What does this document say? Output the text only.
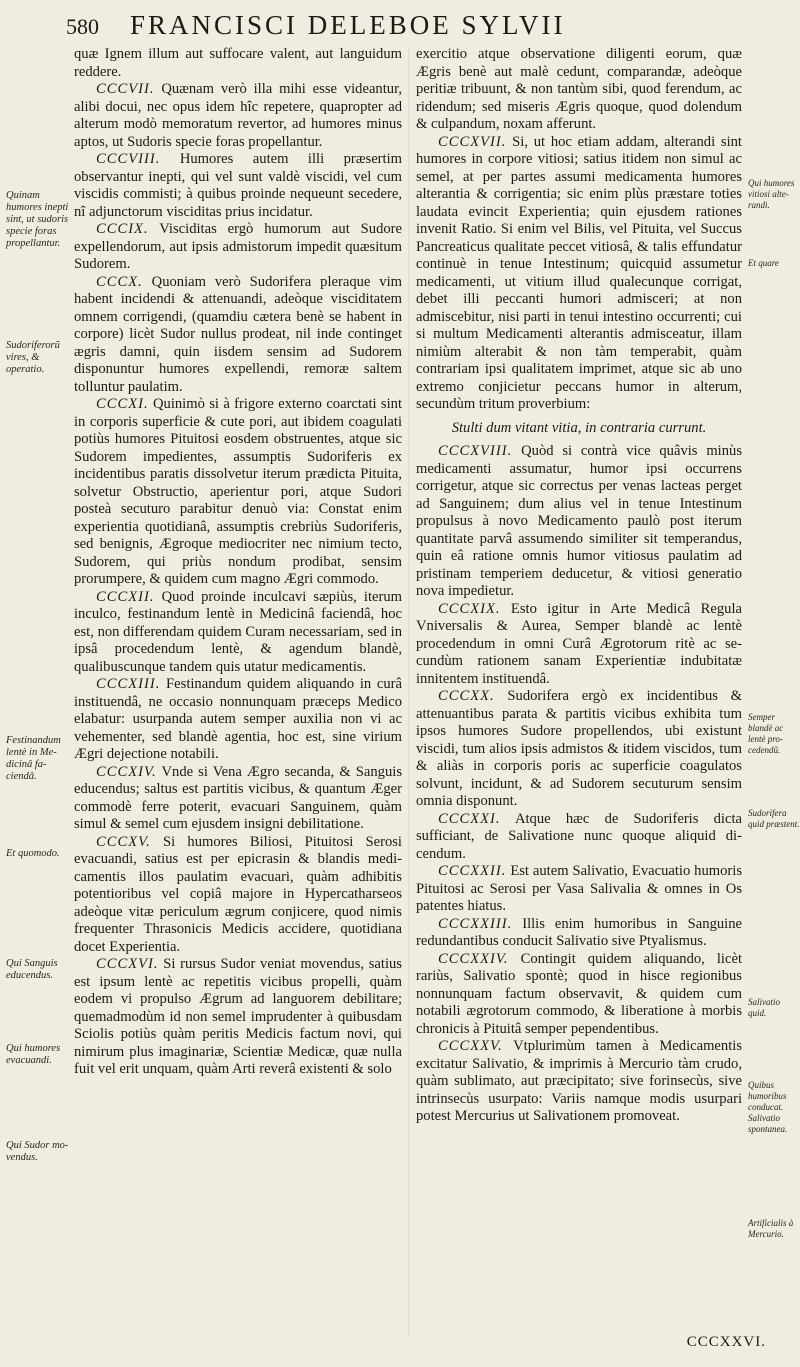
580 FRANCISCI DELEBOE SYLVII

quæ Ignem illum aut suffocare valent, aut languidum reddere.

CCCVII. Quænam verò illa mihi esse videantur, alibi docui, nec opus idem hîc repetere, quapropter ad alterum modò memoratum revertor, ad humores minus aptos, ut Sudoris specie foras propellantur.

CCCVIII. Humores autem illi præsertim observantur inepti, qui vel sunt valdè viscidi, vel cum viscidis commisti; à quibus proinde nequeunt secedere, nî adjunctorum visciditas prius incidatur.

CCCIX. Visciditas ergò humorum aut Sudore expellendorum, aut ipsis admistorum impedit quæsitum Sudorem.

CCCX. Quoniam verò Sudorifera pleraque vim habent incidendi & attenuandi, adeòque visciditatem omnem corrigendi, (quamdiu cætera benè se habent in corpore) licèt Sudor nullus prodeat, nil inde continget ægris damni, quin iisdem sensim ad Sudorem disponuntur humores expellendi, remoræ saltem tolluntur paulatim.

CCCXI. Quinimò si à frigore externo coarctati sint in corporis superficie & cute pori, aut ibidem coagulati potiùs humores Pituitosi eosdem obstruentes, atque sic Sudorem impedientes, assumptis Sudoriferis ex incidentibus paratis dissolvetur iterum prædicta Pituita, solvetur Obstructio, aperientur pori, atque Sudori posteà secuturo parabitur denuò via: Constat enim experientia quotidianâ, assumptis crebriùs Sudoriferis, sed benignis, Ægroque mediocriter nec nimium tecto, Sudorem, qui priùs nondum prodibat, sensim prorumpere, & quidem cum magno Ægri commodo.

CCCXII. Quod proinde inculcavi sæpiùs, iterum inculco, festinandum lentè in Medicinâ faciendâ, hoc est, non differendam quidem Curam necessariam, sed in ipsâ procedendum lentè, & agendum blandè, qualibuscunque tandem quis utatur medicamentis.

CCCXIII. Festinandum quidem aliquando in curâ instituendâ, ne occasio nonnunquam præceps Medico elabatur: usurpanda autem semper auxilia non vi ac vehementer, sed blandè agentia, hoc est, sine virium Ægri dejectione notabili.

CCCXIV. Vnde si Vena Ægro secanda, & Sanguis educendus; saltus est partitis vicibus, & quantum Æger commodè ferre poterit, evacuari Sanguinem, quàm simul & semel cum ejusdem insigni debilitatione.

CCCXV. Si humores Biliosi, Pituitosi Serosi evacuandi, satius est per epicrasin & blandis medicamentis illos paulatim evacuari, quàm adhibitis potentioribus vel copiâ majore in Hypercatharseos adeòque vitæ periculum ægrum conjicere, quod nimis frequenter Thrasonicis Medicis accidere, quotidiana docet Experientia.

CCCXVI. Si rursus Sudor veniat movendus, satius est ipsum lentè ac repetitis vicibus propelli, quàm eodem vi propulso Ægrum ad languorem debilitare; quemadmodùm id non semel imprudenter à quibusdam Sciolis potiùs quàm peritis Medicis factum novi, qui nimirum plus imaginariæ, Scientiæ Medicæ, quæ nulla fuit vel erit unquam, quàm Arti reverâ existenti & solo

exercitio atque observatione diligenti eorum, quæ Ægris benè aut malè cedunt, comparandæ, adeòque peritiæ tribuunt, & non tantùm sibi, quod ferendum, ac ridendum; sed miseris Ægris quoque, quod dolendum & culpandum, noxam afferunt.

CCCXVII. Si, ut hoc etiam addam, alterandi sint humores in corpore vitiosi; satius itidem non simul ac semel, at per partes assumi medicamenta humores alterantia & corrigentia; sic enim plùs præstare toties laudata evincit Experientia; quin ejusdem rationes invenit Ratio. Si enim vel Bilis, vel Pituita, vel Succus Pancreaticus qualitate peccet vitiosâ, & talis effundatur continuè in tenue Intestinum; quicquid assumetur medicamenti, ut vitium illud qualecunque corrigat, debet illi peccanti humori admisceri; at non admiscebitur, nisi parti in tenui intestino occurrenti; cui si multum Medicamenti alterantis admisceatur, illam nimiùm alterabit & non tàm temperabit, quàm contrariam ipsi qualitatem imprimet, atque sic ab uno extremo conjicietur peccans humor in alterum, secundùm tritum proverbium:

Stulti dum vitant vitia, in contraria currunt.

CCCXVIII. Quòd si contrà vice quâvis minùs medicamenti assumatur, humor ipsi occurrens corrigetur, atque sic correctus per venas lacteas perget ad Sanguinem; dum alius vel in tenue Intestinum propulsus à novo Medicamento paulò post iterum quantitate parvâ assumendo similiter sit temperandus, quin eâ ratione omnis humor vitiosus paulatim ad pristinam temperiem deducetur, & vitiosi generatio nova impedietur.

CCCXIX. Esto igitur in Arte Medicâ Regula Vniversalis & Aurea, Semper blandè ac lentè procedendum in omni Curâ Ægrotorum ritè ac secundùm rationem sanam Experientiæ indubitatæ innitentem instituendâ.

CCCXX. Sudorifera ergò ex incidentibus & attenuantibus parata & partitis vicibus exhibita tum ipsos humores Sudore propellendos, ubi existunt viscidi, tum alios ipsis admistos & itidem viscidos, tum & aliàs in corporis poris ac superficie coagulatos solvunt, incidunt, & ad Sudorem secuturum sensim omnia disponunt.

CCCXXI. Atque hæc de Sudoriferis dicta sufficiant, de Salivatione nunc quoque aliquid dicendum.

CCCXXII. Est autem Salivatio, Evacuatio humoris Pituitosi ac Serosi per Vasa Salivalia & omnes in Os patentes hiatus.

CCCXXIII. Illis enim humoribus in Sanguine redundantibus conducit Salivatio sive Ptyalismus.

CCCXXIV. Contingit quidem aliquando, licèt rariùs, Salivatio spontè; quod in hisce regionibus nonnunquam factum observavit, & quidem cum notabili ægrotorum commodo, & liberatione à morbis chronicis à Pituitâ semper pependentibus.

CCCXXV. Vtplurimùm tamen à Medicamentis excitatur Salivatio, & imprimis à Mercurio tàm crudo, quàm sublimato, aut præcipitato; sive forinsecùs, sive intrinsecùs usurpato: Variis namque modis usurpari potest Mercurius ut Salivationem promoveat.

Quinam humores inepti sint, ut sudoris specie foras propellantur.
Sudoriferorũ vires, & operatio.
Festinandum lentè in Medicinâ faciendâ.
Et quomodo.
Qui Sanguis educendus.
Qui humores evacuandi.
Qui Sudor movendus.
Qui humores vitiosi alterandi.
Et quare
Semper blandè ac lentè procedendũ.
Sudorifera quid præstent.
Salivatio quid.
Quibus humoribus conducat. Salivatio spontanea.
Artificialis à Mercurio.
CCCXXVI.
